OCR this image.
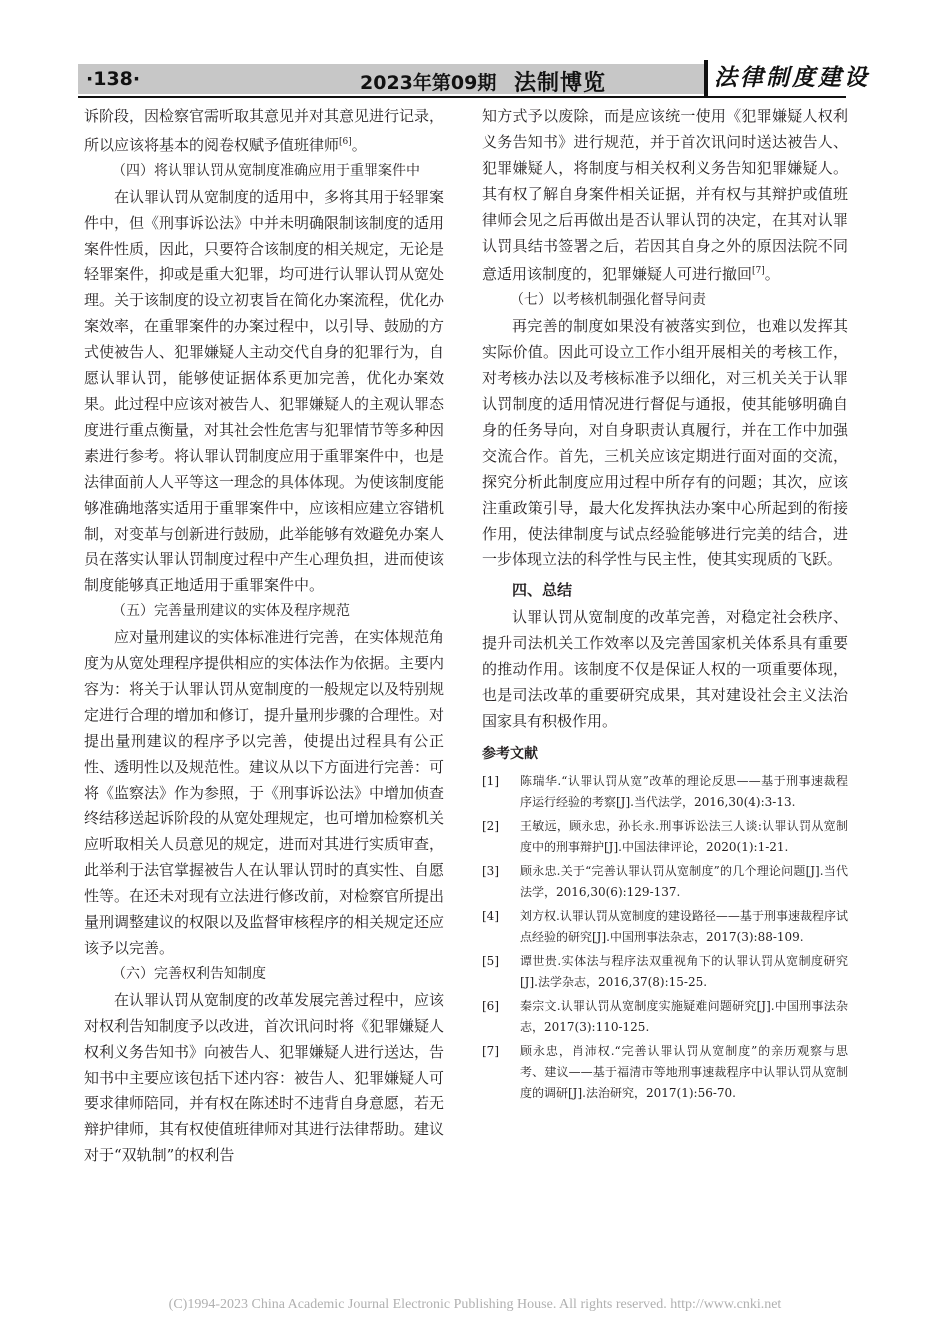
·138·	2023年第09期 法制博览	法律制度建设

诉阶段，因检察官需听取其意见并对其意见进行记录，所以应该将基本的阅卷权赋予值班律师[6]。

（四）将认罪认罚从宽制度准确应用于重罪案件中

在认罪认罚从宽制度的适用中，多将其用于轻罪案件中，但《刑事诉讼法》中并未明确限制该制度的适用案件性质，因此，只要符合该制度的相关规定，无论是轻罪案件，抑或是重大犯罪，均可进行认罪认罚从宽处理。关于该制度的设立初衷旨在简化办案流程，优化办案效率，在重罪案件的办案过程中，以引导、鼓励的方式使被告人、犯罪嫌疑人主动交代自身的犯罪行为，自愿认罪认罚，能够使证据体系更加完善，优化办案效果。此过程中应该对被告人、犯罪嫌疑人的主观认罪态度进行重点衡量，对其社会性危害与犯罪情节等多种因素进行参考。将认罪认罚制度应用于重罪案件中，也是法律面前人人平等这一理念的具体体现。为使该制度能够准确地落实适用于重罪案件中，应该相应建立容错机制，对变革与创新进行鼓励，此举能够有效避免办案人员在落实认罪认罚制度过程中产生心理负担，进而使该制度能够真正地适用于重罪案件中。

（五）完善量刑建议的实体及程序规范

应对量刑建议的实体标准进行完善，在实体规范角度为从宽处理程序提供相应的实体法作为依据。主要内容为：将关于认罪认罚从宽制度的一般规定以及特别规定进行合理的增加和修订，提升量刑步骤的合理性。对提出量刑建议的程序予以完善，使提出过程具有公正性、透明性以及规范性。建议从以下方面进行完善：可将《监察法》作为参照，于《刑事诉讼法》中增加侦查终结移送起诉阶段的从宽处理规定，也可增加检察机关应听取相关人员意见的规定，进而对其进行实质审查，此举利于法官掌握被告人在认罪认罚时的真实性、自愿性等。在还未对现有立法进行修改前，对检察官所提出量刑调整建议的权限以及监督审核程序的相关规定还应该予以完善。

（六）完善权利告知制度

在认罪认罚从宽制度的改革发展完善过程中，应该对权利告知制度予以改进，首次讯问时将《犯罪嫌疑人权利义务告知书》向被告人、犯罪嫌疑人进行送达，告知书中主要应该包括下述内容：被告人、犯罪嫌疑人可要求律师陪同，并有权在陈述时不违背自身意愿，若无辩护律师，其有权使值班律师对其进行法律帮助。建议对于“双轨制”的权利告

知方式予以废除，而是应该统一使用《犯罪嫌疑人权利义务告知书》进行规范，并于首次讯问时送达被告人、犯罪嫌疑人，将制度与相关权利义务告知犯罪嫌疑人。其有权了解自身案件相关证据，并有权与其辩护或值班律师会见之后再做出是否认罪认罚的决定，在其对认罪认罚具结书签署之后，若因其自身之外的原因法院不同意适用该制度的，犯罪嫌疑人可进行撤回[7]。

（七）以考核机制强化督导问责

再完善的制度如果没有被落实到位，也难以发挥其实际价值。因此可设立工作小组开展相关的考核工作，对考核办法以及考核标准予以细化，对三机关关于认罪认罚制度的适用情况进行督促与通报，使其能够明确自身的任务导向，对自身职责认真履行，并在工作中加强交流合作。首先，三机关应该定期进行面对面的交流，探究分析此制度应用过程中所存有的问题；其次，应该注重政策引导，最大化发挥执法办案中心所起到的衔接作用，使法律制度与试点经验能够进行完美的结合，进一步体现立法的科学性与民主性，使其实现质的飞跃。

四、总结

认罪认罚从宽制度的改革完善，对稳定社会秩序、提升司法机关工作效率以及完善国家机关体系具有重要的推动作用。该制度不仅是保证人权的一项重要体现，也是司法改革的重要研究成果，其对建设社会主义法治国家具有积极作用。

参考文献

[1]	陈瑞华.“认罪认罚从宽”改革的理论反思——基于刑事速裁程序运行经验的考察[J].当代法学，2016,30(4):3-13.
[2]	王敏远，顾永忠，孙长永.刑事诉讼法三人谈:认罪认罚从宽制度中的刑事辩护[J].中国法律评论，2020(1):1-21.
[3]	顾永忠.关于“完善认罪认罚从宽制度”的几个理论问题[J].当代法学，2016,30(6):129-137.
[4]	刘方权.认罪认罚从宽制度的建设路径——基于刑事速裁程序试点经验的研究[J].中国刑事法杂志，2017(3):88-109.
[5]	谭世贵.实体法与程序法双重视角下的认罪认罚从宽制度研究[J].法学杂志，2016,37(8):15-25.
[6]	秦宗文.认罪认罚从宽制度实施疑难问题研究[J].中国刑事法杂志，2017(3):110-125.
[7]	顾永忠，肖沛权.“完善认罪认罚从宽制度”的亲历观察与思考、建议——基于福清市等地刑事速裁程序中认罪认罚从宽制度的调研[J].法治研究，2017(1):56-70.
(C)1994-2023 China Academic Journal Electronic Publishing House. All rights reserved. http://www.cnki.net
